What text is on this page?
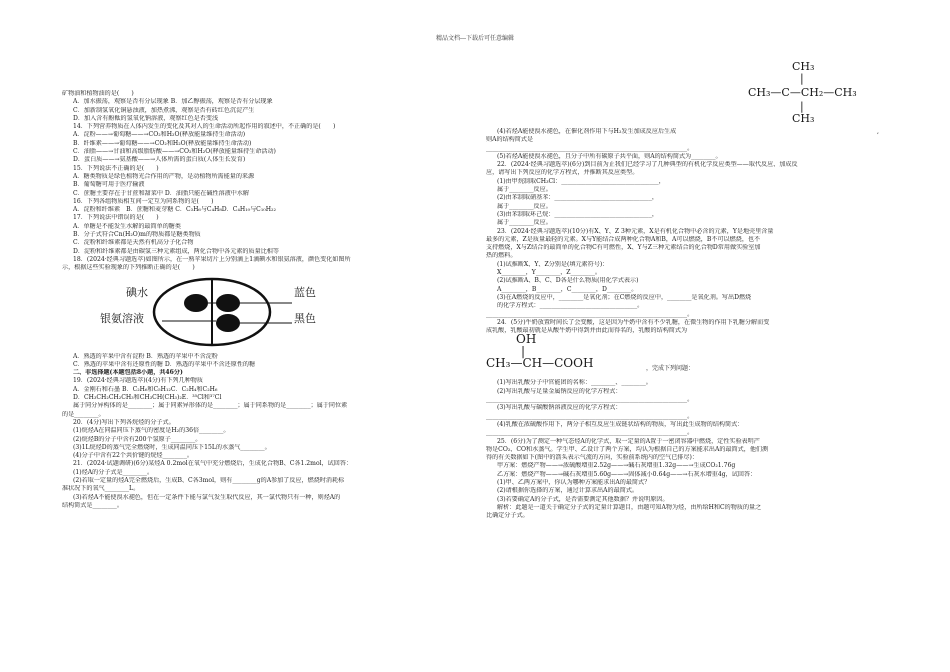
精品文档---下载后可任意编辑
矿物油和植物油的是(　　)
A．加水振荡，观察是否有分层现象 B．加乙醇振荡，观察是否有分层现象
C．加新制氢氧化铜悬浊液，加热煮沸，观察是否有砖红色沉淀产生
D．加入含有酚酞的氢氧化钠溶液，观察红色是否变浅
14．下列营养物质在人体内发生的变化及其对人的生命活动所起作用的叙述中，不正确的是(　　)
A．淀粉——→葡萄糖——→CO₂和H₂O(释放能量维持生命活动)
B．纤维素——→葡萄糖——→CO₂和H₂O(释放能量维持生命活动)
C．油脂——→甘油和高级脂肪酸——→CO₂和H₂O(释放能量维持生命活动)
D．蛋白质——→氨基酸——→人体所需的蛋白质(人体生长发育)
15．下列说法不正确的是(　　)
A．糖类物质是绿色植物光合作用的产物，是动植物所需能量的来源
B．葡萄糖可用于医疗输液
C．蔗糖主要存在于甘蔗和甜菜中 D．油脂只能在碱性溶液中水解
16．下列各组物质相互间一定互为同系物的是(　　)
A．淀粉和纤维素　B．蔗糖和麦芽糖 C．C₃H₆与C₄H₈D．C₄H₁₀与C₁₀H₂₂
17．下列说法中错误的是(　　)
A．单糖是不能发生水解的最简单的糖类
B．分子式符合Cn(H₂O)m的物质都是糖类物质
C．淀粉和纤维素都是天然有机高分子化合物
D．淀粉和纤维素都是由碳氢三种元素组成，两化合物中各元素的质量比相等
18．(2024·经典习题选萃)如图所示，在一熟苹果切片上分别滴上1滴碘水和银氨溶液，颜色变化如图所
示，根据这些实验现象的下列推断正确的是(　　)
碘水
银氨溶液
蓝色
黑色
A．熟透的苹果中含有淀粉 B．熟透的苹果中不含淀粉
C．熟透的苹果中含有还原性的糖 D．熟透的苹果中不含还原性的糖
二、非选择题(本题包括8小题，共46分)
19．(2024·经典习题选萃)(4分)有下列几种物质
A．金刚石和石墨 B．C₂H₆和C₅H₁₂C．C₂H₄和C₂H₆
D．CH₃CH₂CH₂CH₃和CH₃CH(CH₃)₂E．³⁵Cl和³⁷Cl
属于同分异构体的是________；属于同素异形体的是________；属于同系物的是________；属于同位素
的是________。
20．(4分)写出下列各烷烃的分子式。
(1)烷烃A在同温同压下蒸气的密度是H₂的36倍________。
(2)烷烃B的分子中含有200个氢原子________。
(3)1L烷烃D的蒸气完全燃烧时，生成同温同压下15L的水蒸气________。
(4)分子中含有22个共价键的烷烃________。
21．(2024·试题调研)(6分)某烃A 0.2mol在氧气中充分燃烧后，生成化合物B、C各1.2mol，试回答：
(1)烃A的分子式是________。
(2)若取一定量的烃A完全燃烧后，生成B、C各3mol，则有________g的A参加了反应，燃烧时消耗标
准状况下的氧气________L。
(3)若烃A不能使溴水褪色，但在一定条件下能与氯气发生取代反应，其一氯代物只有一种，则烃A的
结构简式是________。
CH₃
|
CH₃—C—CH₂—CH₃
|
CH₃
,
(4)若烃A能使溴水褪色，在催化剂作用下与H₂发生加成反应后生成
则A的结构简式是
__________________________________________________________________。
(5)若烃A能使溴水褪色，且分子中所有碳原子共平面，则A的结构简式为________。
22．(2024·经典习题选萃)(6分)到目前为止我们已经学习了几种典型的有机化学反应类型——取代反应、加成反
应，请写出下列反应的化学方程式，并推断其反应类型。
(1)由甲烷制取CH₃Cl：________________________________，
属于________反应。
(2)由苯制取硝基苯：________________________________，
属于________反应。
(3)由苯制取环己烷：________________________________，
属于________反应。
23．(2024·经典习题选萃)(10分)有X、Y、Z 3种元素，X是有机化合物中必含的元素，Y是地壳里含量
最多的元素，Z是质量最轻的元素。X与Y能结合成两种化合物A和B，A可以燃烧，B不可以燃烧，也不
支持燃烧，X与Z结合的最简单的化合物C有可燃性，X、Y与Z三种元素结合的化合物D常用做实验室加
热的燃料。
(1)试推断X、Y、Z分别是(填元素符号)：
X________，Y________，Z________。
(2)试推断A、B、C、D各是什么物质(用化学式表示)
A________，B________，C________，D________。
(3)在A燃烧的反应中，________是氧化剂；在C燃烧的反应中，________是氧化剂。写出D燃烧
的化学方程式：________________________________。
__________________________________________________________________。
24．(5分)牛奶放置时间长了会变酸，这是因为牛奶中含有不少乳糖，在微生物的作用下乳糖分解而变
成乳酸，乳酸最初就是从酸牛奶中得到并由此而得名的，乳酸的结构简式为
OH
|
CH₃—CH—COOH	，完成下列问题：
(1)写出乳酸分子中官能团的名称：________、________。
(2)写出乳酸与足量金属钠反应的化学方程式：
__________________________________________________________________。
(3)写出乳酸与碳酸钠溶液反应的化学方程式：
__________________________________________________________________。
(4)乳酸在浓硫酸作用下，两分子相互反应生成链状结构的物质，写出此生成物的结构简式：
__________________________________________________________________。
25．(6分)为了测定一种气态烃A的化学式，取一定量的A置于一密闭容器中燃烧，定性实验表明产
物是CO₂、CO和水蒸气。学生甲、乙设计了两个方案，均认为根据自己的方案能求出A的最简式，他们测
得的有关数据如下(图中的箭头表示气流的方向，实验前系统内的空气已排尽)：
甲方案：燃烧产物——→浓硫酸增重2.52g——→碱石灰增重1.32g——→生成CO₂1.76g
乙方案：燃烧产物——→碱石灰增重5.60g——→固体减小0.64g——→石灰水增重4g，试回答：
(1)甲、乙两方案中，你认为哪种方案能求出A的最简式？
(2)请根据你选择的方案，通过计算求出A的最简式。
(3)若要确定A的分子式，是否需要测定其他数据？并说明原因。
解析：此题是一道关于确定分子式的定量计算题目，由题可知A物为烃，由所给H和C的物质的量之
比确定分子式。
